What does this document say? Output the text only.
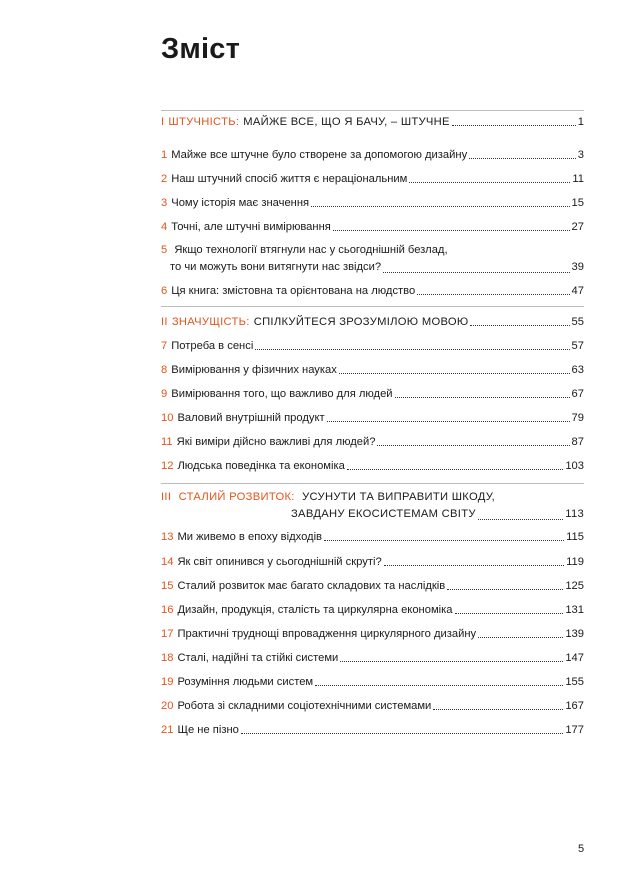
Зміст
I ШТУЧНІСТЬ: МАЙЖЕ ВСЕ, ЩО Я БАЧУ, – ШТУЧНЕ	1
1 Майже все штучне було створене за допомогою дизайну	3
2 Наш штучний спосіб життя є нераціональним	11
3 Чому історія має значення	15
4 Точні, але штучні вимірювання	27
5 Якщо технології втягнули нас у сьогоднішній безлад,
то чи можуть вони витягнути нас звідси?	39
6 Ця книга: змістовна та орієнтована на людство	47
II ЗНАЧУЩІСТЬ: СПІЛКУЙТЕСЯ ЗРОЗУМІЛОЮ МОВОЮ	55
7 Потреба в сенсі	57
8 Вимірювання у фізичних науках	63
9 Вимірювання того, що важливо для людей	67
10 Валовий внутрішній продукт	79
11 Які виміри дійсно важливі для людей?	87
12 Людська поведінка та економіка	103
III СТАЛИЙ РОЗВИТОК: УСУНУТИ ТА ВИПРАВИТИ ШКОДУ,
ЗАВДАНУ ЕКОСИСТЕМАМ СВІТУ	113
13 Ми живемо в епоху відходів	115
14 Як світ опинився у сьогоднішній скруті?	119
15 Сталий розвиток має багато складових та наслідків	125
16 Дизайн, продукція, сталість та циркулярна економіка	131
17 Практичні труднощі впровадження циркулярного дизайну	139
18 Сталі, надійні та стійкі системи	147
19 Розуміння людьми систем	155
20 Робота зі складними соціотехнічними системами	167
21 Ще не пізно	177
5
